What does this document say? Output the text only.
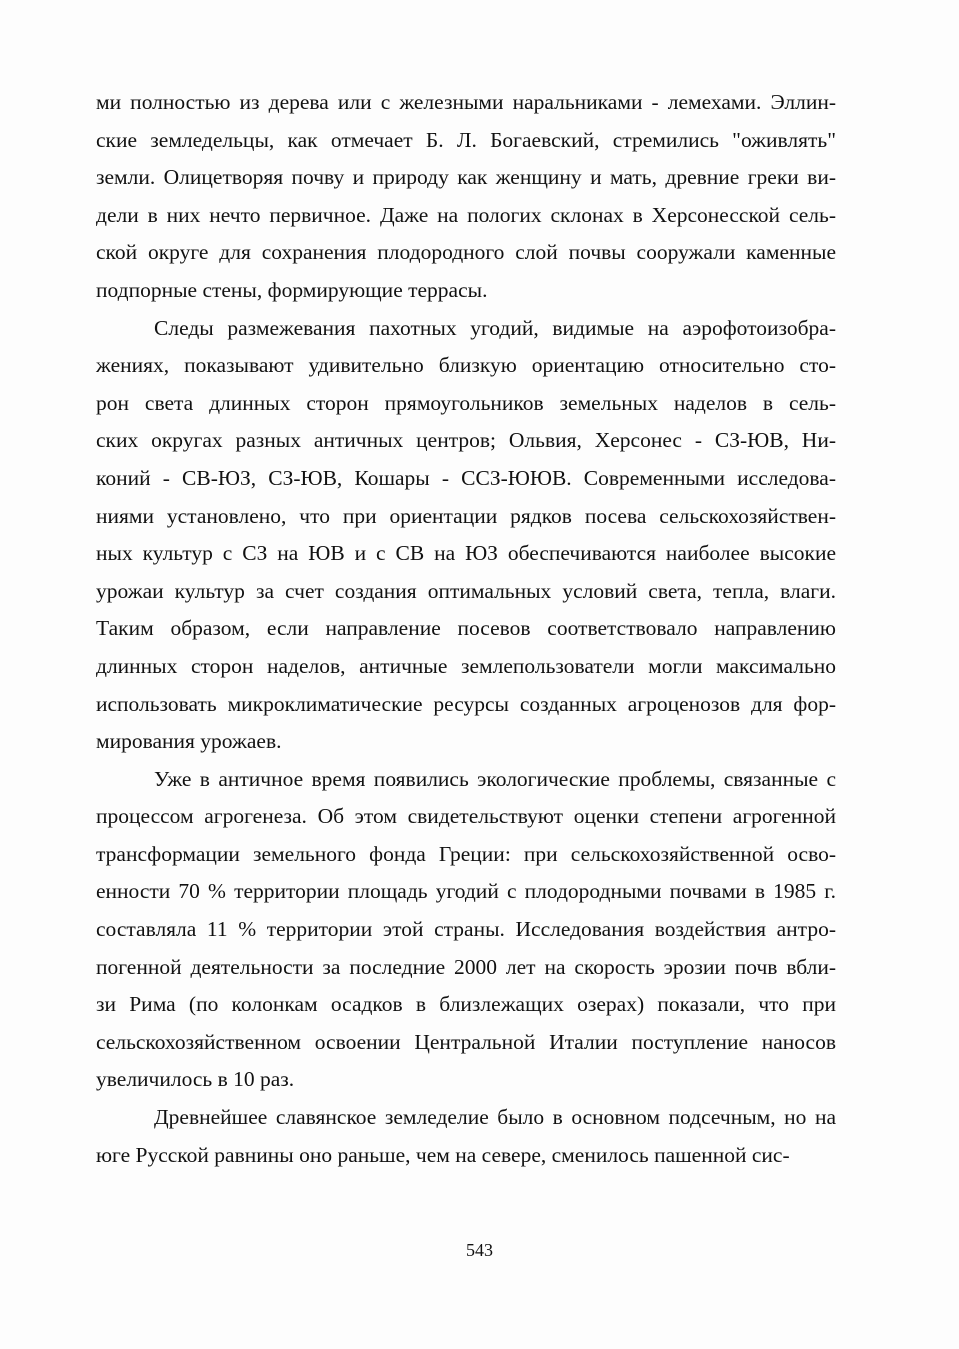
ми полностью из дерева или с железными наральниками - лемехами. Эллин-
ские земледельцы, как отмечает Б. Л. Богаевский, стремились "оживлять"
земли. Олицетворяя почву и природу как женщину и мать, древние греки ви-
дели в них нечто первичное. Даже на пологих склонах в Херсонесской сель-
ской округе для сохранения плодородного слой почвы сооружали каменные
подпорные стены, формирующие террасы.
Следы размежевания пахотных угодий, видимые на аэрофотоизобра-
жениях, показывают удивительно близкую ориентацию относительно сто-
рон света длинных сторон прямоугольников земельных наделов в сель-
ских округах разных античных центров; Ольвия, Херсонес - СЗ-ЮВ, Ни-
коний - СВ-ЮЗ, СЗ-ЮВ, Кошары - ССЗ-ЮЮВ. Современными исследова-
ниями установлено, что при ориентации рядков посева сельскохозяйствен-
ных культур с СЗ на ЮВ и с СВ на ЮЗ обеспечиваются наиболее высокие
урожаи культур за счет создания оптимальных условий света, тепла, влаги.
Таким образом, если направление посевов соответствовало направлению
длинных сторон наделов, античные землепользователи могли максимально
использовать микроклиматические ресурсы созданных агроценозов для фор-
мирования урожаев.
Уже в античное время появились экологические проблемы, связанные с
процессом агрогенеза. Об этом свидетельствуют оценки степени агрогенной
трансформации земельного фонда Греции: при сельскохозяйственной осво-
енности 70 % территории площадь угодий с плодородными почвами в 1985 г.
составляла 11 % территории этой страны. Исследования воздействия антро-
погенной деятельности за последние 2000 лет на скорость эрозии почв вбли-
зи Рима (по колонкам осадков в близлежащих озерах) показали, что при
сельскохозяйственном освоении Центральной Италии поступление наносов
увеличилось в 10 раз.
Древнейшее славянское земледелие было в основном подсечным, но на
юге Русской равнины оно раньше, чем на севере, сменилось пашенной сис-
543
